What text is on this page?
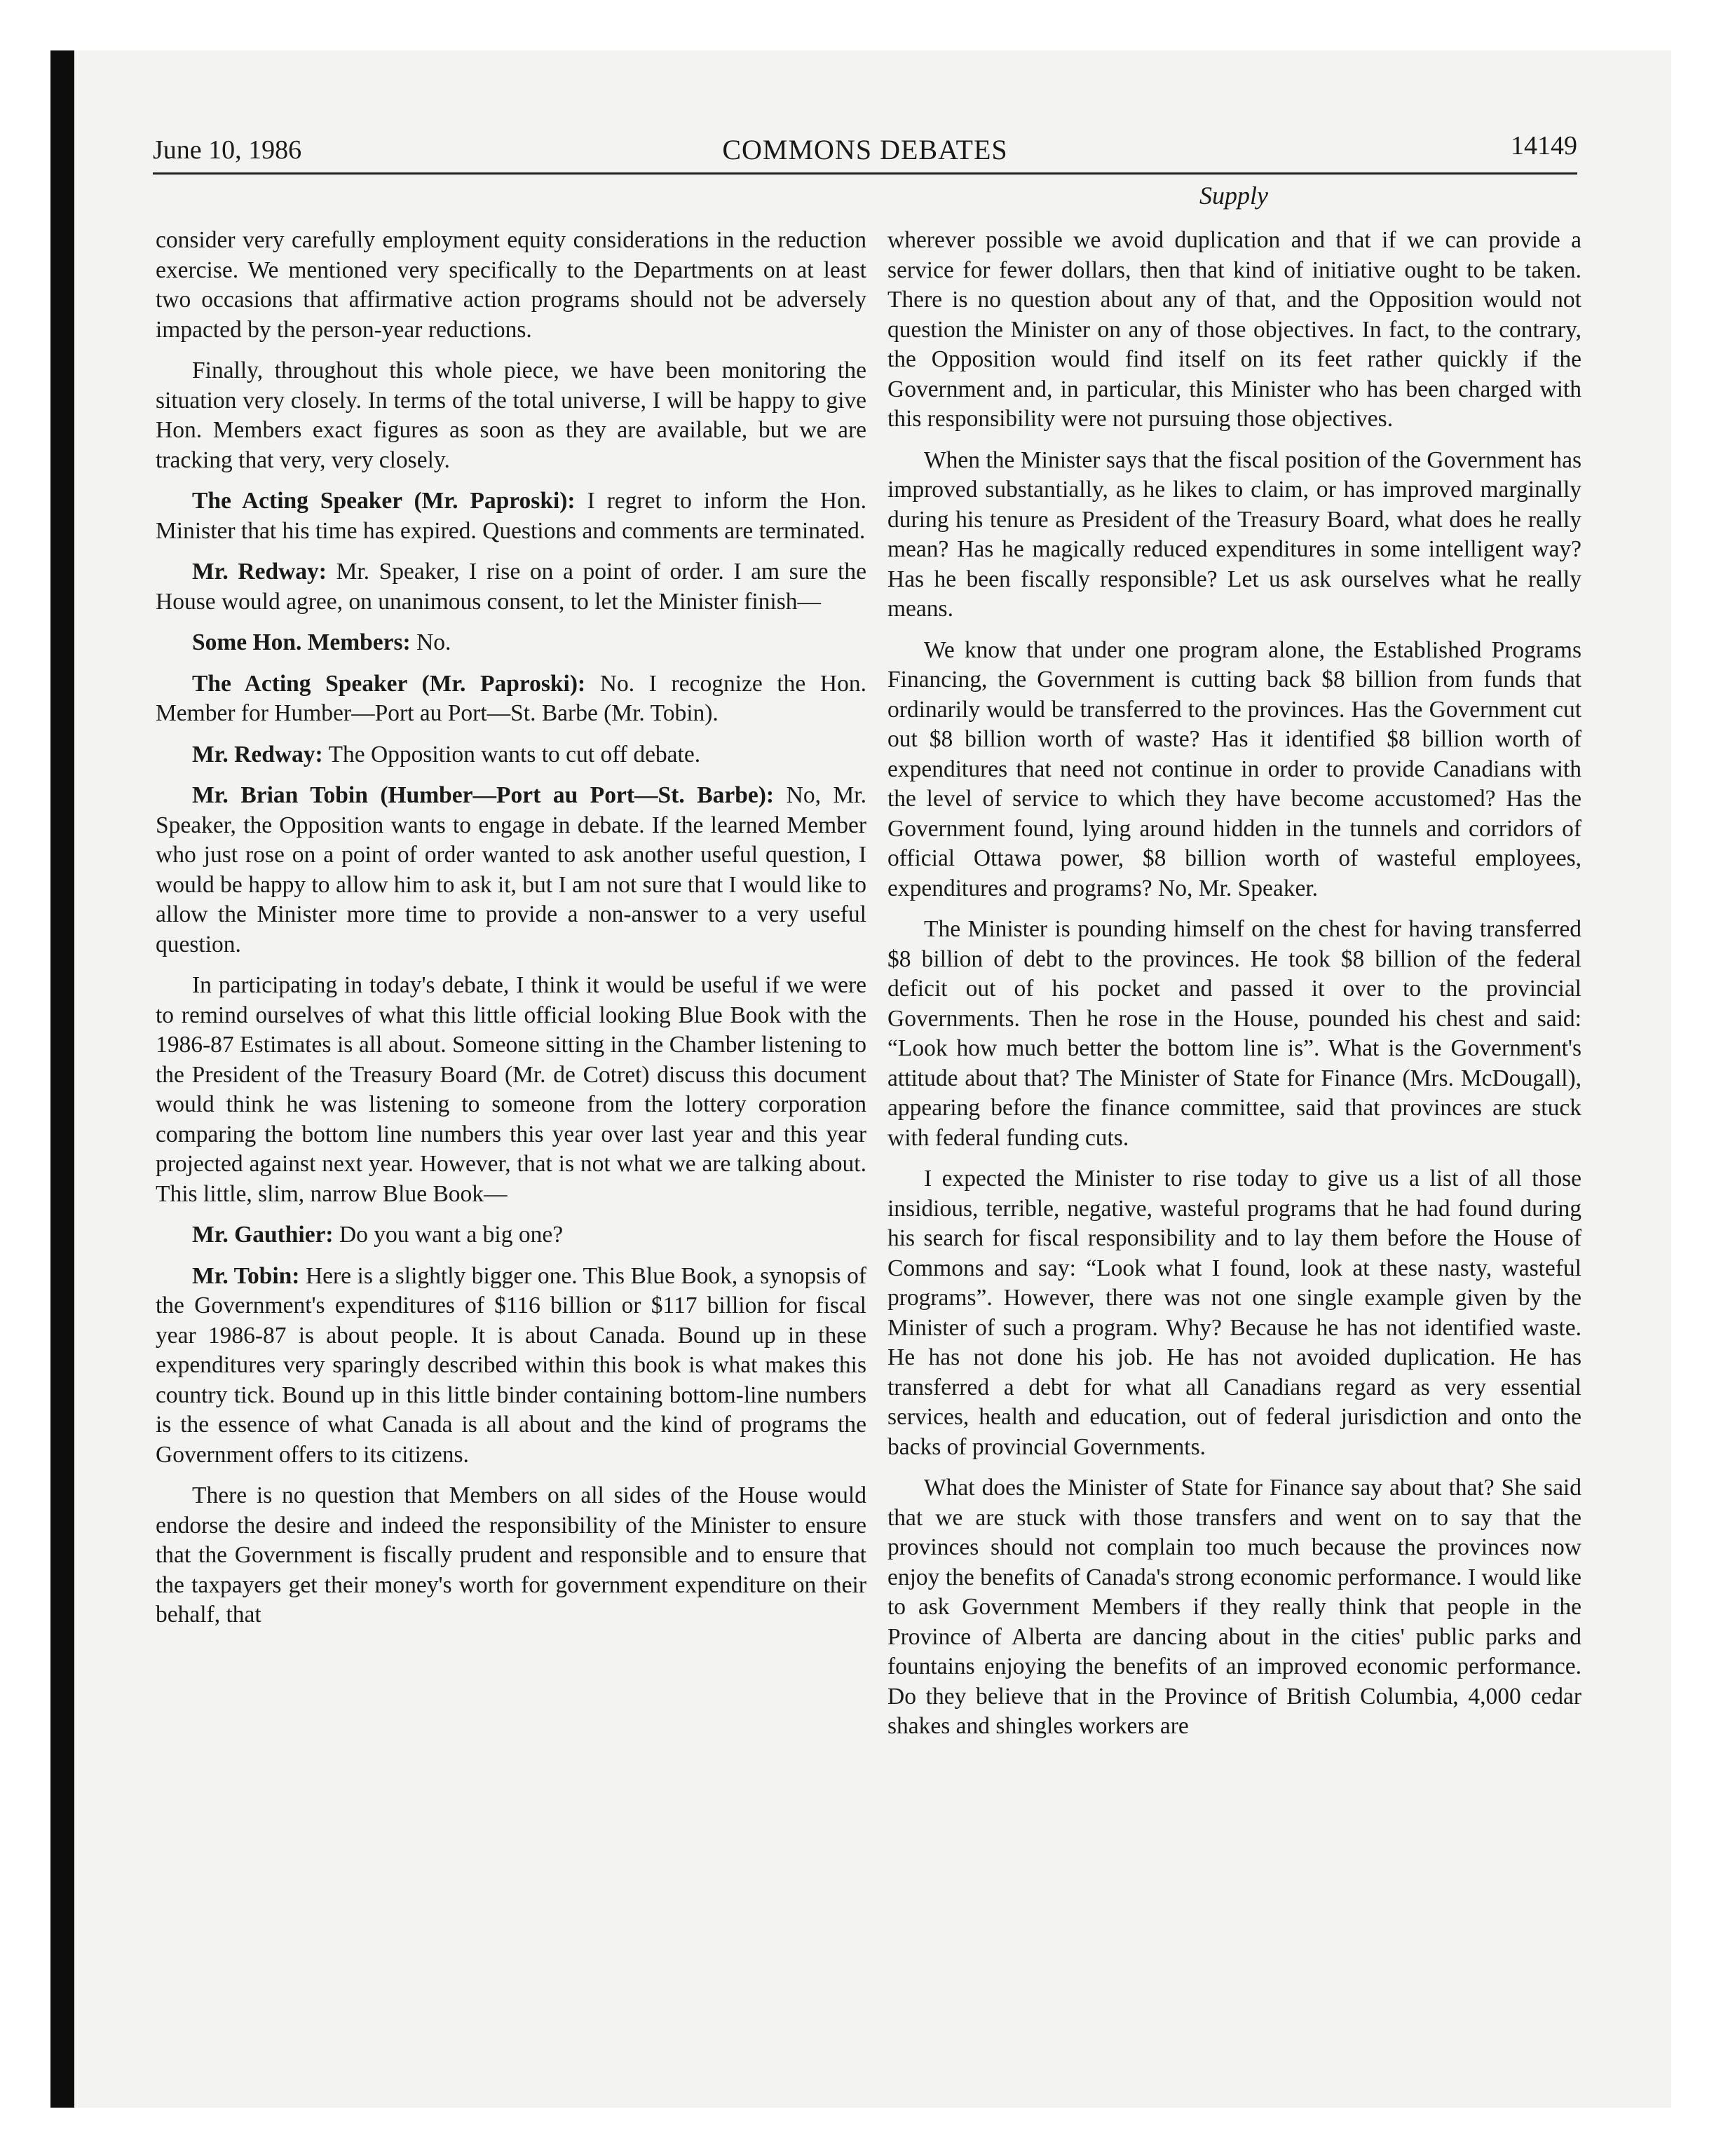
June 10, 1986	COMMONS DEBATES	14149
Supply

consider very carefully employment equity considerations in the reduction exercise. We mentioned very specifically to the Departments on at least two occasions that affirmative action programs should not be adversely impacted by the person-year reductions.

Finally, throughout this whole piece, we have been monitoring the situation very closely. In terms of the total universe, I will be happy to give Hon. Members exact figures as soon as they are available, but we are tracking that very, very closely.

The Acting Speaker (Mr. Paproski): I regret to inform the Hon. Minister that his time has expired. Questions and comments are terminated.

Mr. Redway: Mr. Speaker, I rise on a point of order. I am sure the House would agree, on unanimous consent, to let the Minister finish—

Some Hon. Members: No.

The Acting Speaker (Mr. Paproski): No. I recognize the Hon. Member for Humber—Port au Port—St. Barbe (Mr. Tobin).

Mr. Redway: The Opposition wants to cut off debate.

Mr. Brian Tobin (Humber—Port au Port—St. Barbe): No, Mr. Speaker, the Opposition wants to engage in debate. If the learned Member who just rose on a point of order wanted to ask another useful question, I would be happy to allow him to ask it, but I am not sure that I would like to allow the Minister more time to provide a non-answer to a very useful question.

In participating in today's debate, I think it would be useful if we were to remind ourselves of what this little official looking Blue Book with the 1986-87 Estimates is all about. Someone sitting in the Chamber listening to the President of the Treasury Board (Mr. de Cotret) discuss this document would think he was listening to someone from the lottery corporation comparing the bottom line numbers this year over last year and this year projected against next year. However, that is not what we are talking about. This little, slim, narrow Blue Book—

Mr. Gauthier: Do you want a big one?

Mr. Tobin: Here is a slightly bigger one. This Blue Book, a synopsis of the Government's expenditures of $116 billion or $117 billion for fiscal year 1986-87 is about people. It is about Canada. Bound up in these expenditures very sparingly described within this book is what makes this country tick. Bound up in this little binder containing bottom-line numbers is the essence of what Canada is all about and the kind of programs the Government offers to its citizens.

There is no question that Members on all sides of the House would endorse the desire and indeed the responsibility of the Minister to ensure that the Government is fiscally prudent and responsible and to ensure that the taxpayers get their money's worth for government expenditure on their behalf, that

wherever possible we avoid duplication and that if we can provide a service for fewer dollars, then that kind of initiative ought to be taken. There is no question about any of that, and the Opposition would not question the Minister on any of those objectives. In fact, to the contrary, the Opposition would find itself on its feet rather quickly if the Government and, in particular, this Minister who has been charged with this responsibility were not pursuing those objectives.

When the Minister says that the fiscal position of the Government has improved substantially, as he likes to claim, or has improved marginally during his tenure as President of the Treasury Board, what does he really mean? Has he magically reduced expenditures in some intelligent way? Has he been fiscally responsible? Let us ask ourselves what he really means.

We know that under one program alone, the Established Programs Financing, the Government is cutting back $8 billion from funds that ordinarily would be transferred to the provinces. Has the Government cut out $8 billion worth of waste? Has it identified $8 billion worth of expenditures that need not continue in order to provide Canadians with the level of service to which they have become accustomed? Has the Government found, lying around hidden in the tunnels and corridors of official Ottawa power, $8 billion worth of wasteful employees, expenditures and programs? No, Mr. Speaker.

The Minister is pounding himself on the chest for having transferred $8 billion of debt to the provinces. He took $8 billion of the federal deficit out of his pocket and passed it over to the provincial Governments. Then he rose in the House, pounded his chest and said: “Look how much better the bottom line is”. What is the Government's attitude about that? The Minister of State for Finance (Mrs. McDougall), appearing before the finance committee, said that provinces are stuck with federal funding cuts.

I expected the Minister to rise today to give us a list of all those insidious, terrible, negative, wasteful programs that he had found during his search for fiscal responsibility and to lay them before the House of Commons and say: “Look what I found, look at these nasty, wasteful programs”. However, there was not one single example given by the Minister of such a program. Why? Because he has not identified waste. He has not done his job. He has not avoided duplication. He has transferred a debt for what all Canadians regard as very essential services, health and education, out of federal jurisdiction and onto the backs of provincial Governments.

What does the Minister of State for Finance say about that? She said that we are stuck with those transfers and went on to say that the provinces should not complain too much because the provinces now enjoy the benefits of Canada's strong economic performance. I would like to ask Government Members if they really think that people in the Province of Alberta are dancing about in the cities' public parks and fountains enjoying the benefits of an improved economic performance. Do they believe that in the Province of British Columbia, 4,000 cedar shakes and shingles workers are
